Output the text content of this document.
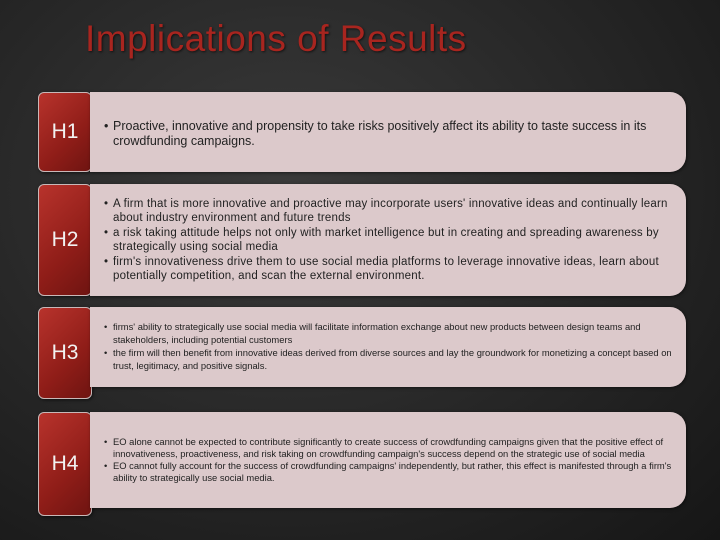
Implications of Results
H1
•	Proactive, innovative and propensity to take risks positively affect its ability to taste success in its crowdfunding campaigns.
H2
• A firm that is more innovative and proactive may incorporate users' innovative ideas and continually learn about industry environment and future trends
• a risk taking attitude helps not only with market intelligence but in creating and spreading awareness by strategically using social media
• firm's innovativeness drive them to use social media platforms to leverage innovative ideas, learn about potentially competition, and scan the external environment.
H3
• firms' ability to strategically use social media will facilitate information exchange about new products between design teams and stakeholders, including potential customers
• the firm will then benefit from innovative ideas derived from diverse sources and lay the groundwork for monetizing a concept based on trust, legitimacy, and positive signals.
H4
• EO alone cannot be expected to contribute significantly to create success of crowdfunding campaigns given that the positive effect of innovativeness, proactiveness, and risk taking on crowdfunding campaign's success depend on the strategic use of social media
• EO cannot fully account for the success of crowdfunding campaigns' independently, but rather, this effect is manifested through a firm's ability to strategically use social media.
